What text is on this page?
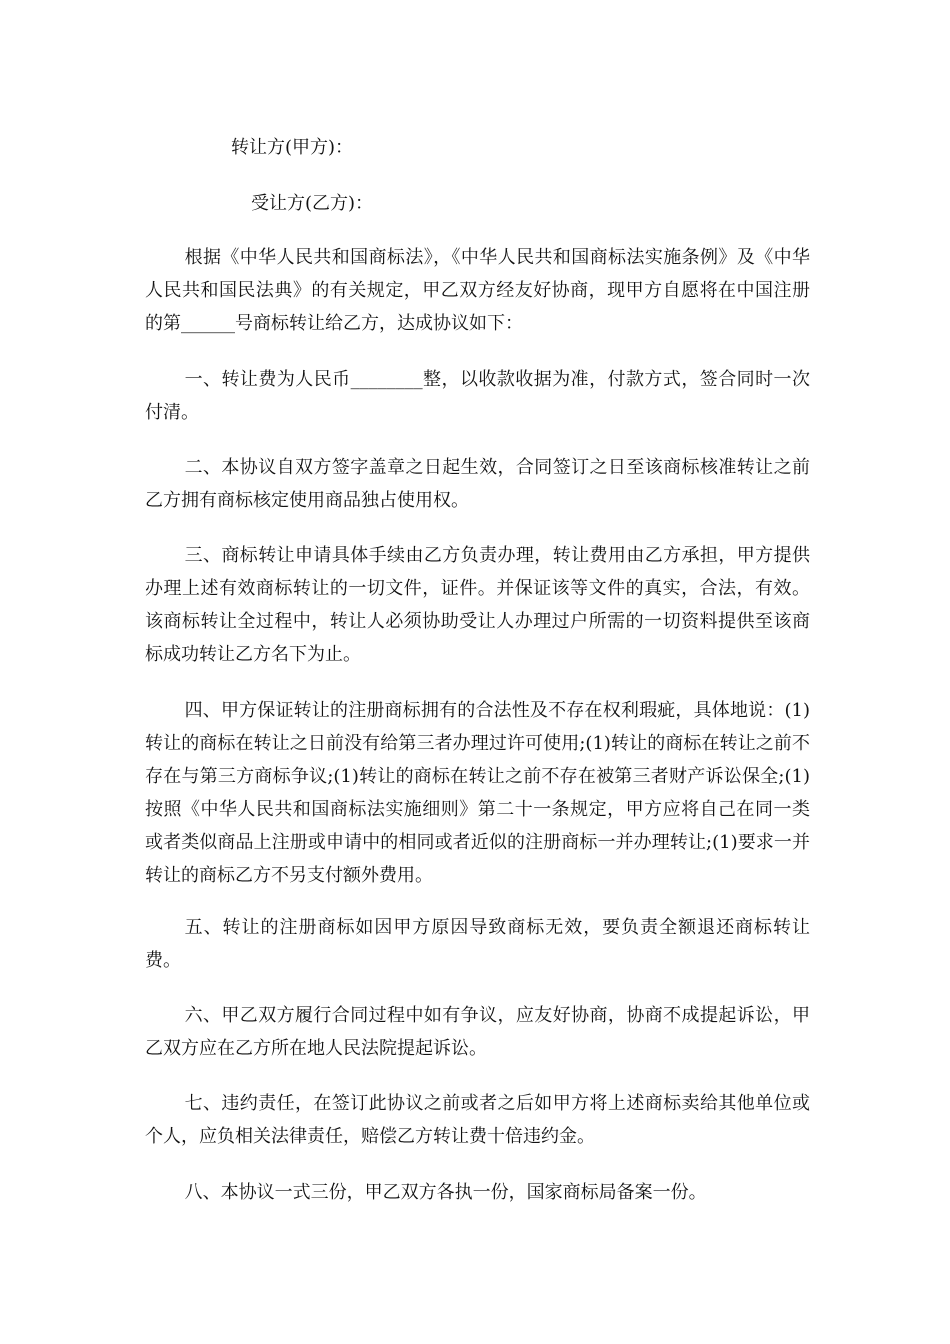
转让方(甲方)：

受让方(乙方)：

根据《中华人民共和国商标法》，《中华人民共和国商标法实施条例》及《中华人民共和国民法典》的有关规定，甲乙双方经友好协商，现甲方自愿将在中国注册的第______号商标转让给乙方，达成协议如下：

一、转让费为人民币________整，以收款收据为准，付款方式，签合同时一次付清。

二、本协议自双方签字盖章之日起生效，合同签订之日至该商标核准转让之前乙方拥有商标核定使用商品独占使用权。

三、商标转让申请具体手续由乙方负责办理，转让费用由乙方承担，甲方提供办理上述有效商标转让的一切文件，证件。并保证该等文件的真实，合法，有效。该商标转让全过程中，转让人必须协助受让人办理过户所需的一切资料提供至该商标成功转让乙方名下为止。

四、甲方保证转让的注册商标拥有的合法性及不存在权利瑕疵，具体地说：(1)转让的商标在转让之日前没有给第三者办理过许可使用;(1)转让的商标在转让之前不存在与第三方商标争议;(1)转让的商标在转让之前不存在被第三者财产诉讼保全;(1)按照《中华人民共和国商标法实施细则》第二十一条规定，甲方应将自己在同一类或者类似商品上注册或申请中的相同或者近似的注册商标一并办理转让;(1)要求一并转让的商标乙方不另支付额外费用。

五、转让的注册商标如因甲方原因导致商标无效，要负责全额退还商标转让费。

六、甲乙双方履行合同过程中如有争议，应友好协商，协商不成提起诉讼，甲乙双方应在乙方所在地人民法院提起诉讼。

七、违约责任，在签订此协议之前或者之后如甲方将上述商标卖给其他单位或个人，应负相关法律责任，赔偿乙方转让费十倍违约金。

八、本协议一式三份，甲乙双方各执一份，国家商标局备案一份。
